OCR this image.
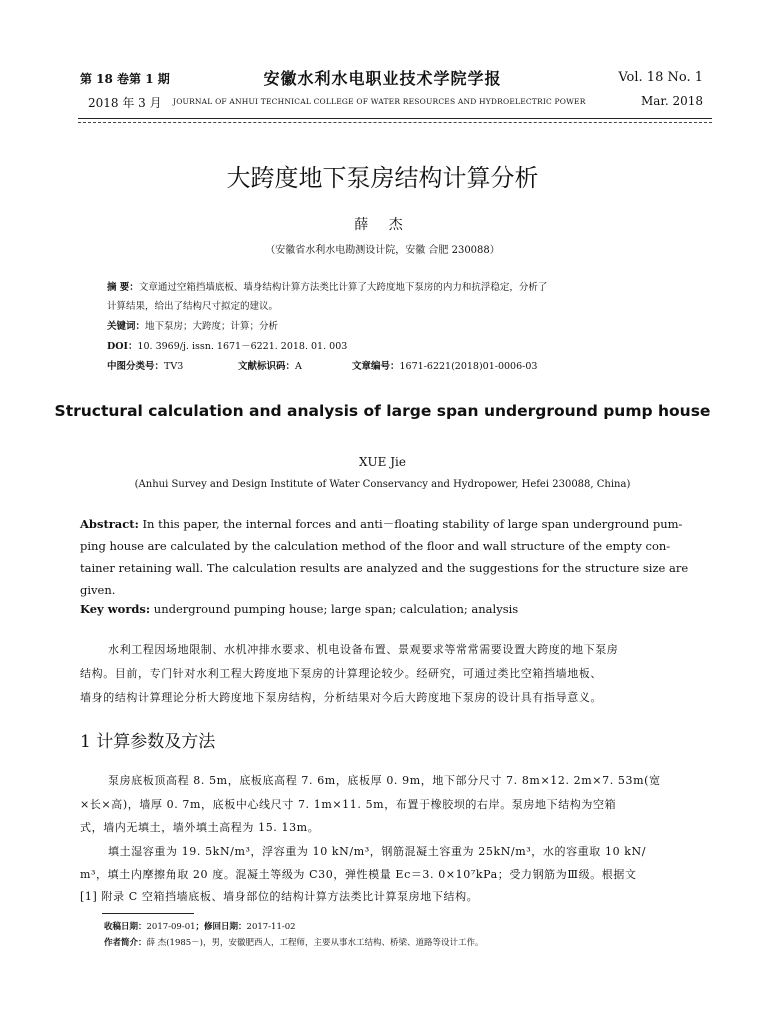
第 18 卷第 1 期	安徽水利水电职业技术学院学报	Vol. 18 No. 1
2018 年 3 月 JOURNAL OF ANHUI TECHNICAL COLLEGE OF WATER RESOURCES AND HYDROELECTRIC POWER	Mar. 2018
大跨度地下泵房结构计算分析
薛 杰
（安徽省水利水电勘测设计院，安徽 合肥 230088）
摘 要：文章通过空箱挡墙底板、墙身结构计算方法类比计算了大跨度地下泵房的内力和抗浮稳定，分析了
计算结果，给出了结构尺寸拟定的建议。
关键词：地下泵房；大跨度；计算；分析
DOI：10. 3969/j. issn. 1671－6221. 2018. 01. 003
中图分类号：TV3	文献标识码：A	文章编号：1671-6221(2018)01-0006-03
Structural calculation and analysis of large span underground pump house
XUE Jie
(Anhui Survey and Design Institute of Water Conservancy and Hydropower, Hefei 230088, China)
Abstract: In this paper, the internal forces and anti－floating stability of large span underground pum-
ping house are calculated by the calculation method of the floor and wall structure of the empty con-
tainer retaining wall. The calculation results are analyzed and the suggestions for the structure size are
given.
Key words: underground pumping house; large span; calculation; analysis
水利工程因场地限制、水机冲排水要求、机电设备布置、景观要求等常常需要设置大跨度的地下泵房
结构。目前，专门针对水利工程大跨度地下泵房的计算理论较少。经研究，可通过类比空箱挡墙地板、
墙身的结构计算理论分析大跨度地下泵房结构，分析结果对今后大跨度地下泵房的设计具有指导意义。
1 计算参数及方法
泵房底板顶高程 8. 5m，底板底高程 7. 6m，底板厚 0. 9m，地下部分尺寸 7. 8m×12. 2m×7. 53m(宽
×长×高)，墙厚 0. 7m，底板中心线尺寸 7. 1m×11. 5m，布置于橡胶坝的右岸。泵房地下结构为空箱
式，墙内无填土，墙外填土高程为 15. 13m。
填土湿容重为 19. 5kN/m³，浮容重为 10 kN/m³，钢筋混凝土容重为 25kN/m³，水的容重取 10 kN/
m³，填土内摩擦角取 20 度。混凝土等级为 C30，弹性模量 Ec＝3. 0×10⁷kPa；受力钢筋为Ⅲ级。根据文
[1] 附录 C 空箱挡墙底板、墙身部位的结构计算方法类比计算泵房地下结构。
收稿日期：2017-09-01；修回日期：2017-11-02
作者简介：薛 杰(1985－)，男，安徽肥西人，工程师，主要从事水工结构、桥梁、道路等设计工作。
